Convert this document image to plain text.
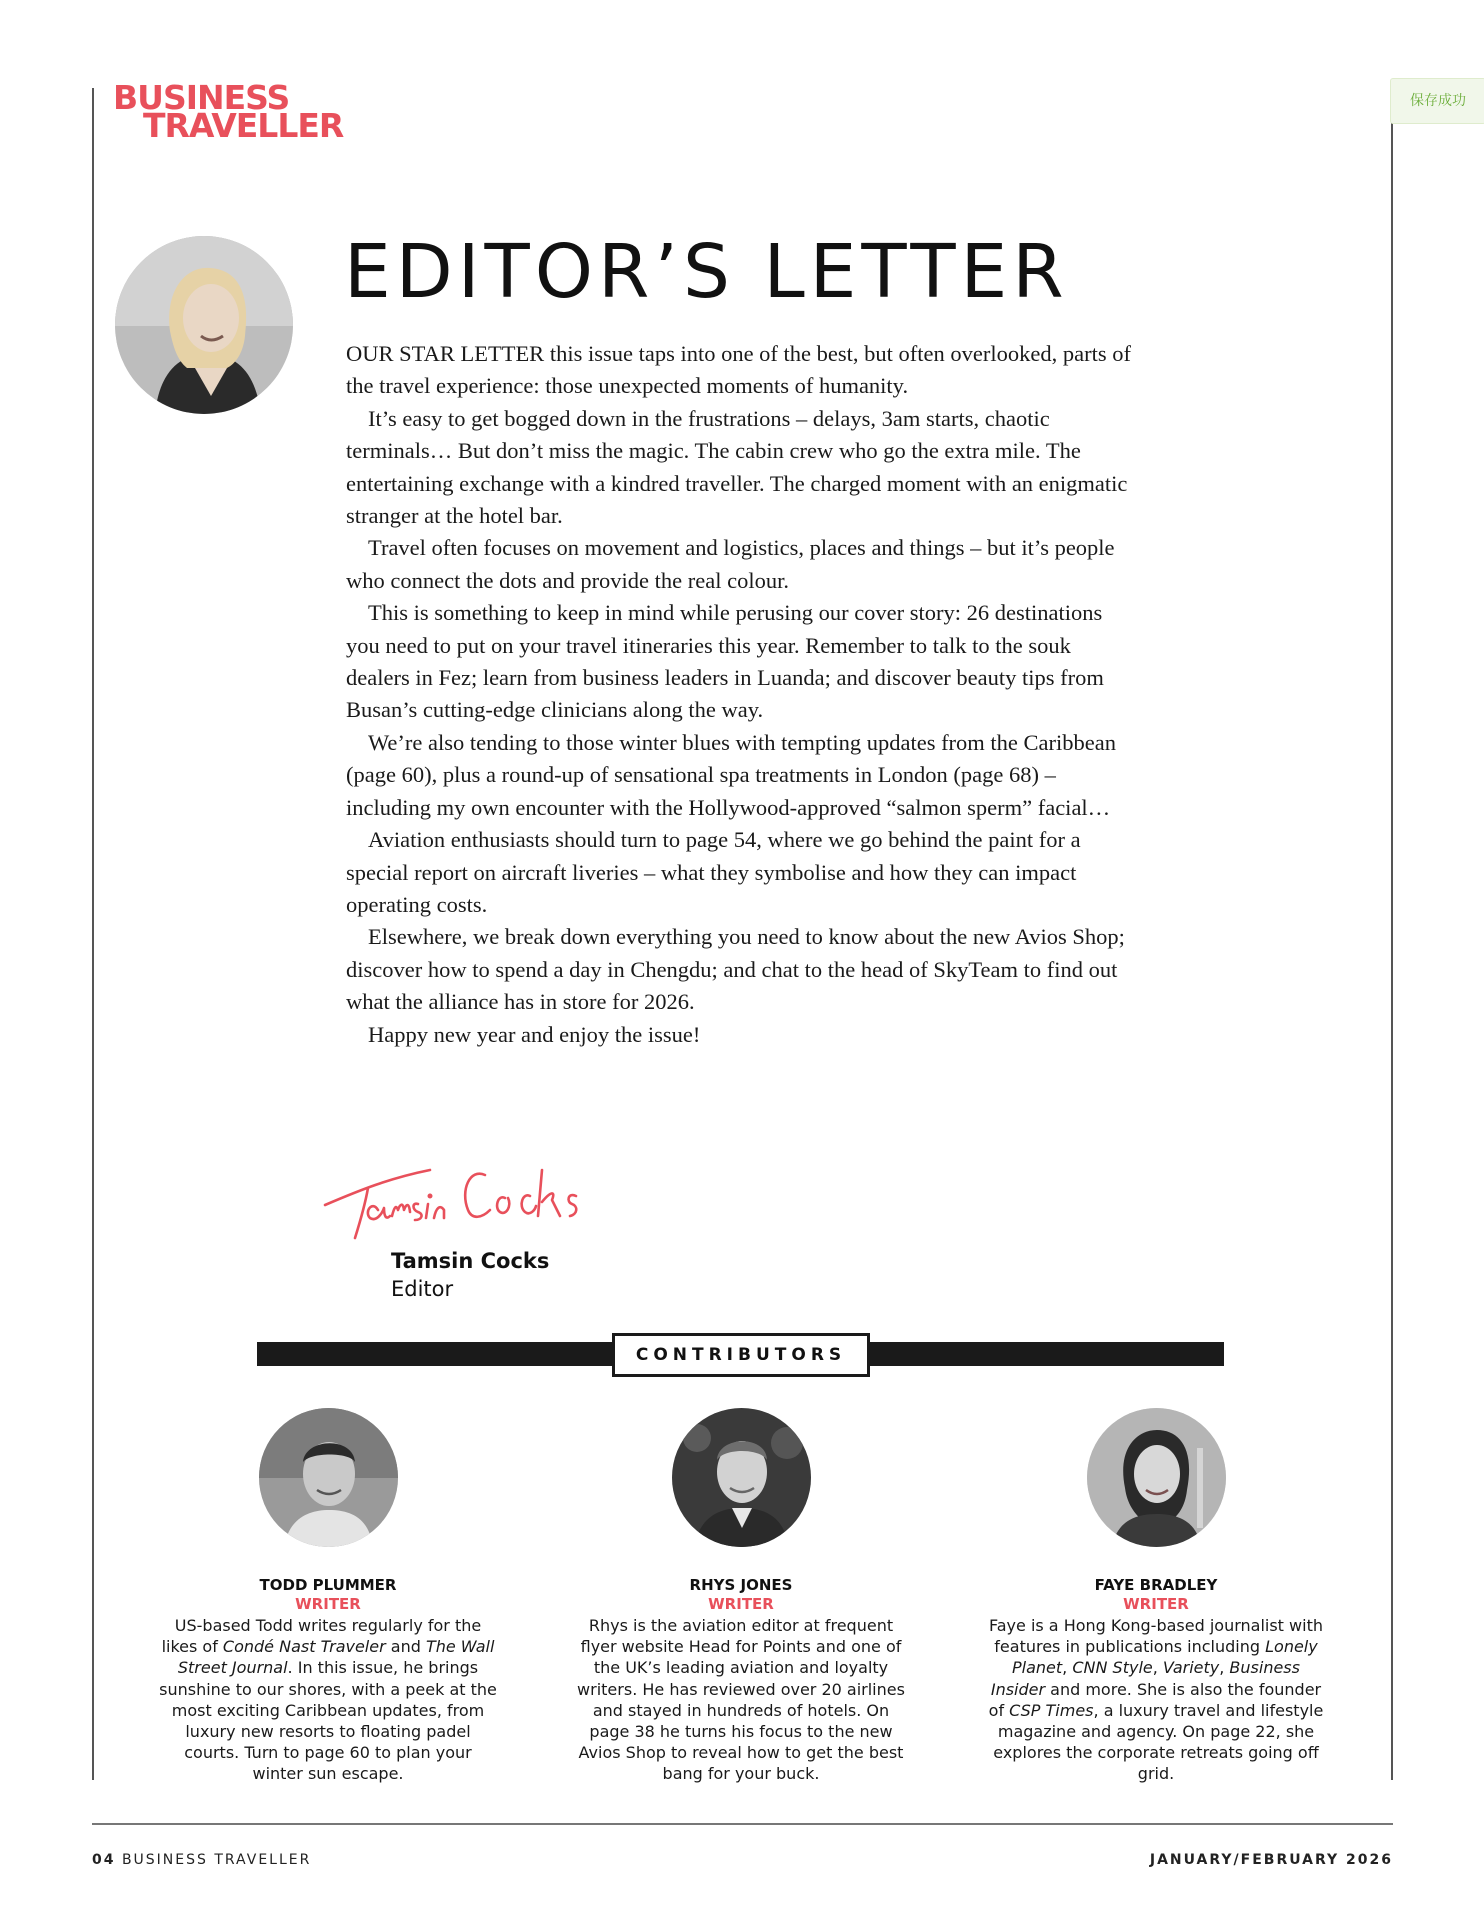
BUSINESS
TRAVELLER
保存成功
EDITOR’S LETTER

OUR STAR LETTER this issue taps into one of the best, but often overlooked, parts of the travel experience: those unexpected moments of humanity.

It’s easy to get bogged down in the frustrations – delays, 3am starts, chaotic terminals… But don’t miss the magic. The cabin crew who go the extra mile. The entertaining exchange with a kindred traveller. The charged moment with an enigmatic stranger at the hotel bar.

Travel often focuses on movement and logistics, places and things – but it’s people who connect the dots and provide the real colour.

This is something to keep in mind while perusing our cover story: 26 destinations you need to put on your travel itineraries this year. Remember to talk to the souk dealers in Fez; learn from business leaders in Luanda; and discover beauty tips from Busan’s cutting-edge clinicians along the way.

We’re also tending to those winter blues with tempting updates from the Caribbean (page 60), plus a round-up of sensational spa treatments in London (page 68) – including my own encounter with the Hollywood-approved “salmon sperm” facial…

Aviation enthusiasts should turn to page 54, where we go behind the paint for a special report on aircraft liveries – what they symbolise and how they can impact operating costs.

Elsewhere, we break down everything you need to know about the new Avios Shop; discover how to spend a day in Chengdu; and chat to the head of SkyTeam to find out what the alliance has in store for 2026.

Happy new year and enjoy the issue!

Tamsin Cocks
Editor
CONTRIBUTORS
TODD PLUMMER
WRITER
US-based Todd writes regularly for the likes of Condé Nast Traveler and The Wall Street Journal. In this issue, he brings sunshine to our shores, with a peek at the most exciting Caribbean updates, from luxury new resorts to floating padel courts. Turn to page 60 to plan your winter sun escape.
RHYS JONES
WRITER
Rhys is the aviation editor at frequent flyer website Head for Points and one of the UK’s leading aviation and loyalty writers. He has reviewed over 20 airlines and stayed in hundreds of hotels. On page 38 he turns his focus to the new Avios Shop to reveal how to get the best bang for your buck.
FAYE BRADLEY
WRITER
Faye is a Hong Kong-based journalist with features in publications including Lonely Planet, CNN Style, Variety, Business Insider and more. She is also the founder of CSP Times, a luxury travel and lifestyle magazine and agency. On page 22, she explores the corporate retreats going off grid.
04 BUSINESS TRAVELLER	JANUARY/FEBRUARY 2026
